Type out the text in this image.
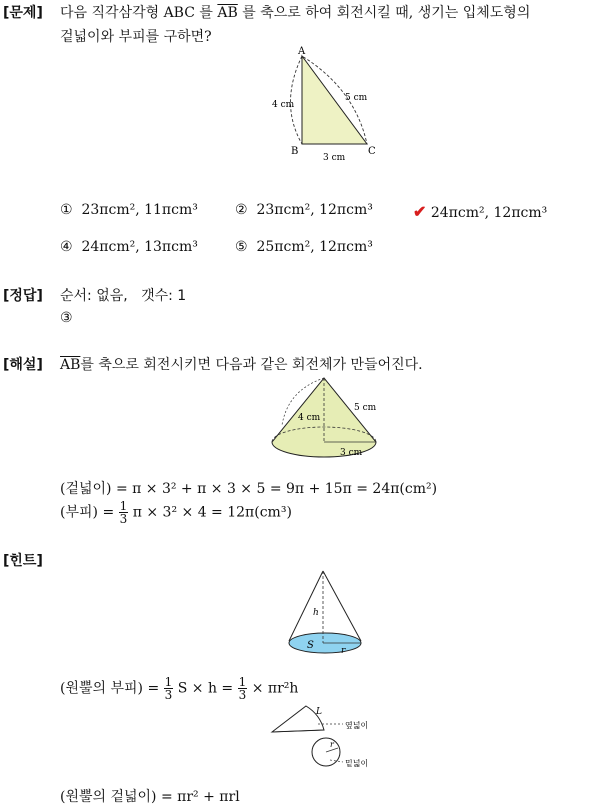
[문제] 다음 직각삼각형 ABC 를 $\overline{AB}$ 를 축으로 하여 회전시킬 때, 생기는 입체도형의
겉넓이와 부피를 구하면?
A
B	C
4 cm
5 cm
3 cm
① 23πcm², 11πcm³	② 23πcm², 12πcm³	✔ 24πcm², 12πcm³
④ 24πcm², 13πcm³	⑤ 25πcm², 12πcm³
[정답] 순서: 없음,   갯수: 1
③
[해설] $\overline{AB}$를 축으로 회전시키면 다음과 같은 회전체가 만들어진다.
4 cm
5 cm
3 cm
(겉넓이) = π × 3² + π × 3 × 5 = 9π + 15π = 24π(cm²)
(부피) = $\frac{1}{3}$ π × 3² × 4 = 12π(cm³)
[힌트]
h
S	r
(원뿔의 부피) = $\frac{1}{3}$ $S \times h = \frac{1}{3} \times \pi r^2h$
L
r
옆넓이
밑넓이
(원뿔의 겉넓이) = πr² + πrl
